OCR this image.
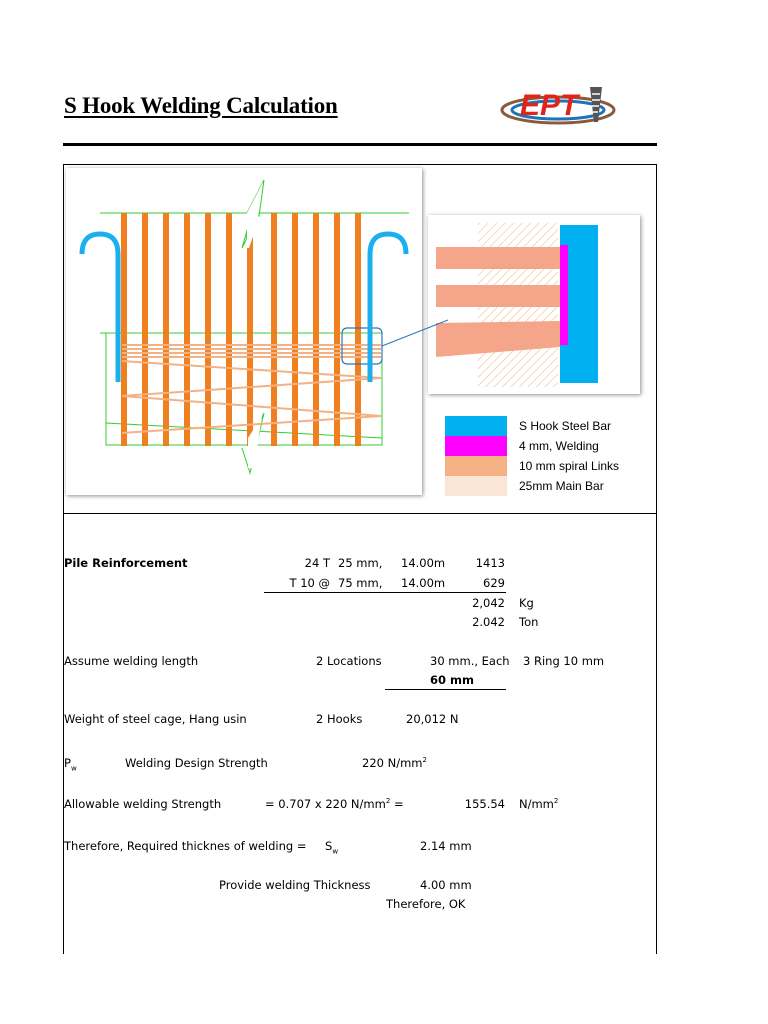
S Hook Welding Calculation	EPT
S Hook Steel Bar
4 mm, Welding
10 mm spiral Links
25mm Main Bar
Pile Reinforcement	24 T 25 mm, 14.00m	1413
T 10 @ 75 mm, 14.00m	629
2,042 Kg
2.042 Ton
Assume welding length	2 Locations	30 mm., Each 3 Ring 10 mm
60 mm
Weight of steel cage, Hang usin	2 Hooks	20,012 N
$P_w$	Welding Design Strength	220 $N/mm^2$
Allowable welding Strength	= 0.707 x 220 $N/mm^2$ =	155.54 $N/mm^2$
Therefore, Required thicknes of welding = $S_w$	2.14 mm
Provide welding Thickness	4.00 mm
Therefore, OK
